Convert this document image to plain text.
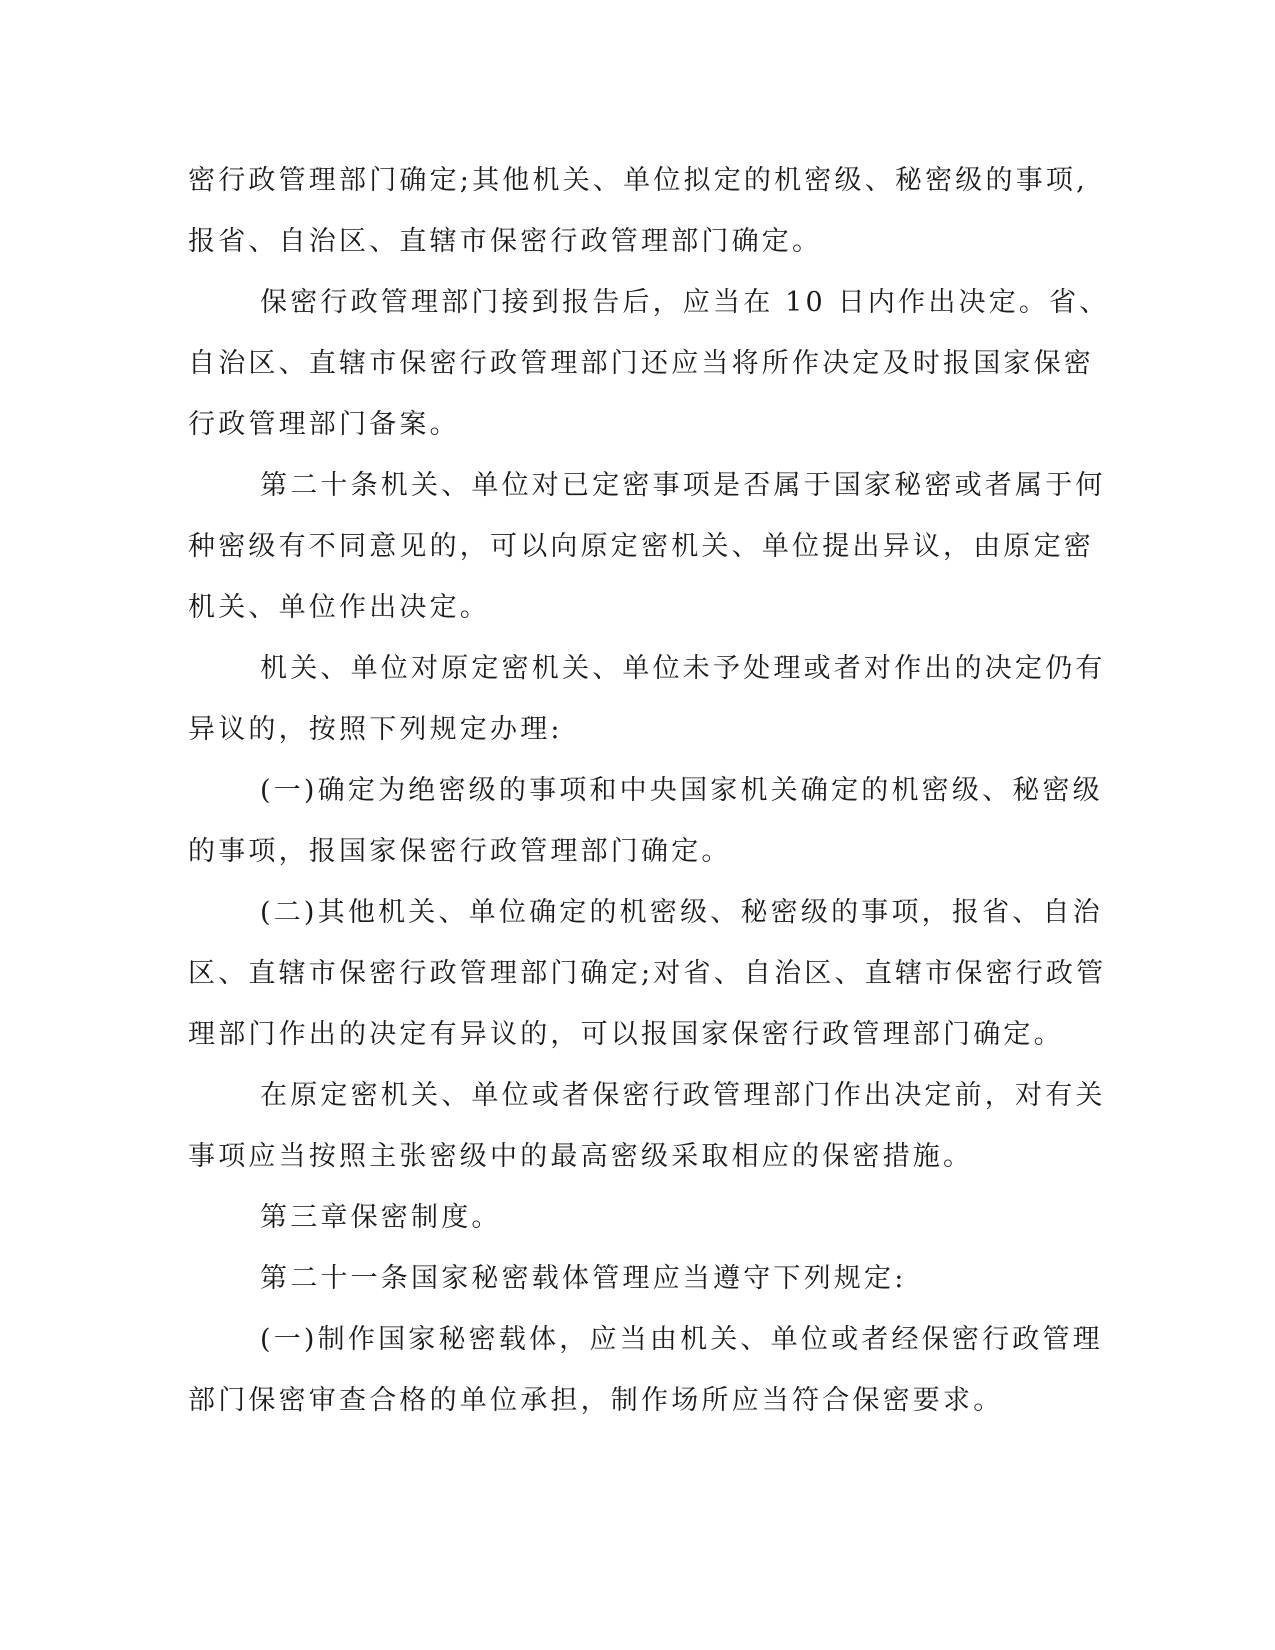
密行政管理部门确定;其他机关、单位拟定的机密级、秘密级的事项,
报省、自治区、直辖市保密行政管理部门确定。
保密行政管理部门接到报告后，应当在 10 日内作出决定。省、
自治区、直辖市保密行政管理部门还应当将所作决定及时报国家保密
行政管理部门备案。
第二十条机关、单位对已定密事项是否属于国家秘密或者属于何
种密级有不同意见的，可以向原定密机关、单位提出异议，由原定密
机关、单位作出决定。
机关、单位对原定密机关、单位未予处理或者对作出的决定仍有
异议的，按照下列规定办理:
(一)确定为绝密级的事项和中央国家机关确定的机密级、秘密级
的事项，报国家保密行政管理部门确定。
(二)其他机关、单位确定的机密级、秘密级的事项，报省、自治
区、直辖市保密行政管理部门确定;对省、自治区、直辖市保密行政管
理部门作出的决定有异议的，可以报国家保密行政管理部门确定。
在原定密机关、单位或者保密行政管理部门作出决定前，对有关
事项应当按照主张密级中的最高密级采取相应的保密措施。
第三章保密制度。
第二十一条国家秘密载体管理应当遵守下列规定:
(一)制作国家秘密载体，应当由机关、单位或者经保密行政管理
部门保密审查合格的单位承担，制作场所应当符合保密要求。
